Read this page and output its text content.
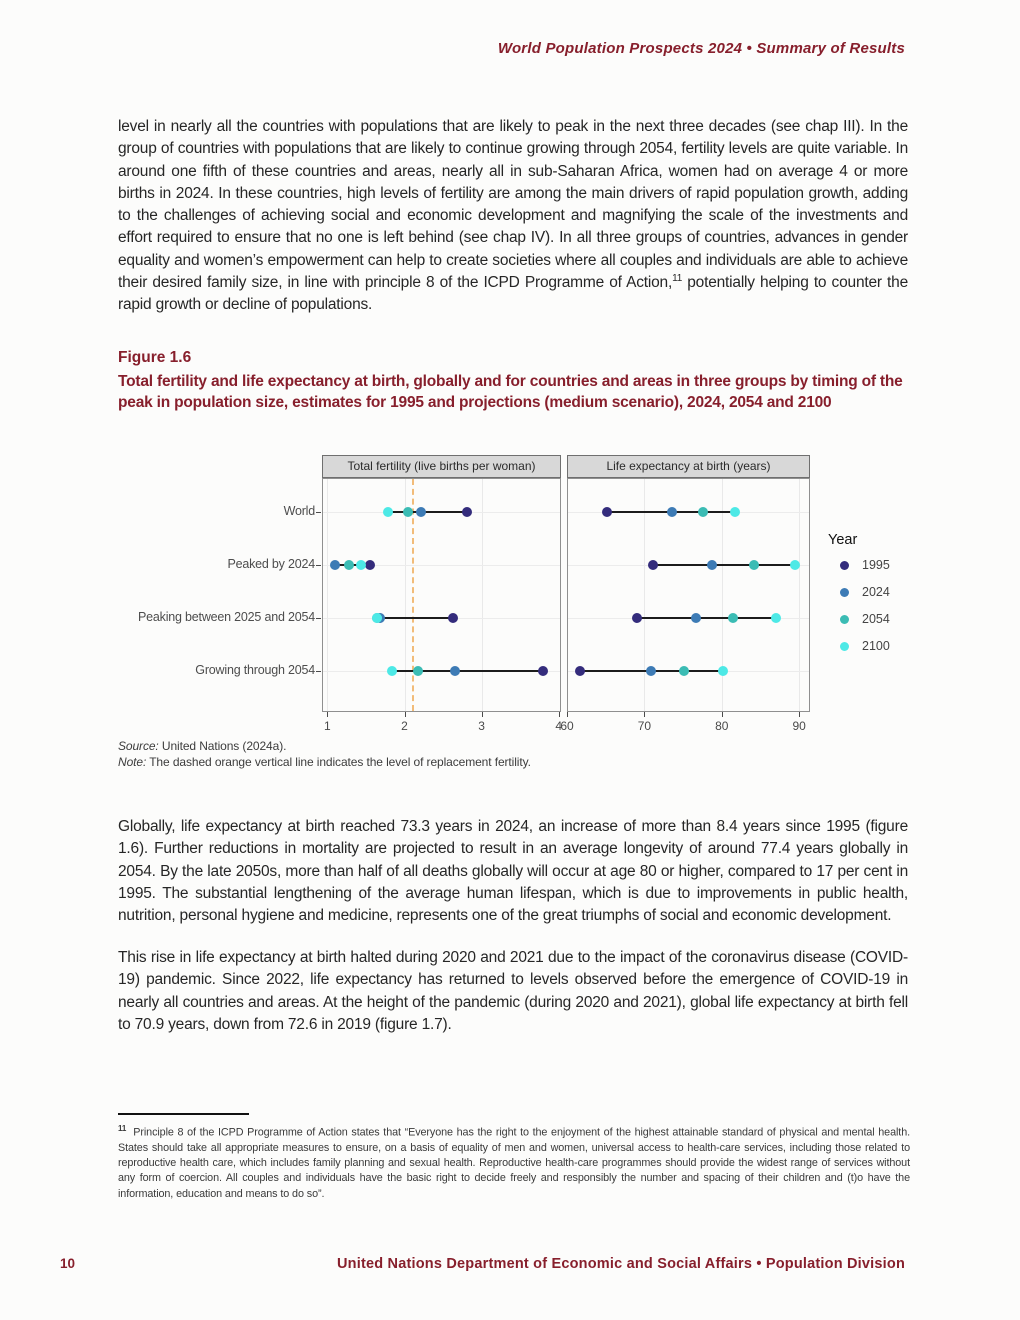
World Population Prospects 2024 • Summary of Results
level in nearly all the countries with populations that are likely to peak in the next three decades (see chap III). In the group of countries with populations that are likely to continue growing through 2054, fertility levels are quite variable. In around one fifth of these countries and areas, nearly all in sub-Saharan Africa, women had on average 4 or more births in 2024. In these countries, high levels of fertility are among the main drivers of rapid population growth, adding to the challenges of achieving social and economic development and magnifying the scale of the investments and effort required to ensure that no one is left behind (see chap IV). In all three groups of countries, advances in gender equality and women’s empowerment can help to create societies where all couples and individuals are able to achieve their desired family size, in line with principle 8 of the ICPD Programme of Action,$^{11}$ potentially helping to counter the rapid growth or decline of populations.
Figure 1.6
Total fertility and life expectancy at birth, globally and for countries and areas in three groups by timing of the peak in population size, estimates for 1995 and projections (medium scenario), 2024, 2054 and 2100
Total fertility (live births per woman)	Life expectancy at birth (years)
1	2	3	4
60	70	80	90
World
Peaked by 2024
Peaking between 2025 and 2054
Growing through 2054
Year
1995
2024
2054
2100
Source: United Nations (2024a).
Note: The dashed orange vertical line indicates the level of replacement fertility.
Globally, life expectancy at birth reached 73.3 years in 2024, an increase of more than 8.4 years since 1995 (figure 1.6). Further reductions in mortality are projected to result in an average longevity of around 77.4 years globally in 2054. By the late 2050s, more than half of all deaths globally will occur at age 80 or higher, compared to 17 per cent in 1995. The substantial lengthening of the average human lifespan, which is due to improvements in public health, nutrition, personal hygiene and medicine, represents one of the great triumphs of social and economic development.
This rise in life expectancy at birth halted during 2020 and 2021 due to the impact of the coronavirus disease (COVID-19) pandemic. Since 2022, life expectancy has returned to levels observed before the emergence of COVID-19 in nearly all countries and areas. At the height of the pandemic (during 2020 and 2021), global life expectancy at birth fell to 70.9 years, down from 72.6 in 2019 (figure 1.7).
$^{11}$ Principle 8 of the ICPD Programme of Action states that “Everyone has the right to the enjoyment of the highest attainable standard of physical and mental health. States should take all appropriate measures to ensure, on a basis of equality of men and women, universal access to health-care services, including those related to reproductive health care, which includes family planning and sexual health. Reproductive health-care programmes should provide the widest range of services without any form of coercion. All couples and individuals have the basic right to decide freely and responsibly the number and spacing of their children and (t)o have the information, education and means to do so”.
10	United Nations Department of Economic and Social Affairs • Population Division
